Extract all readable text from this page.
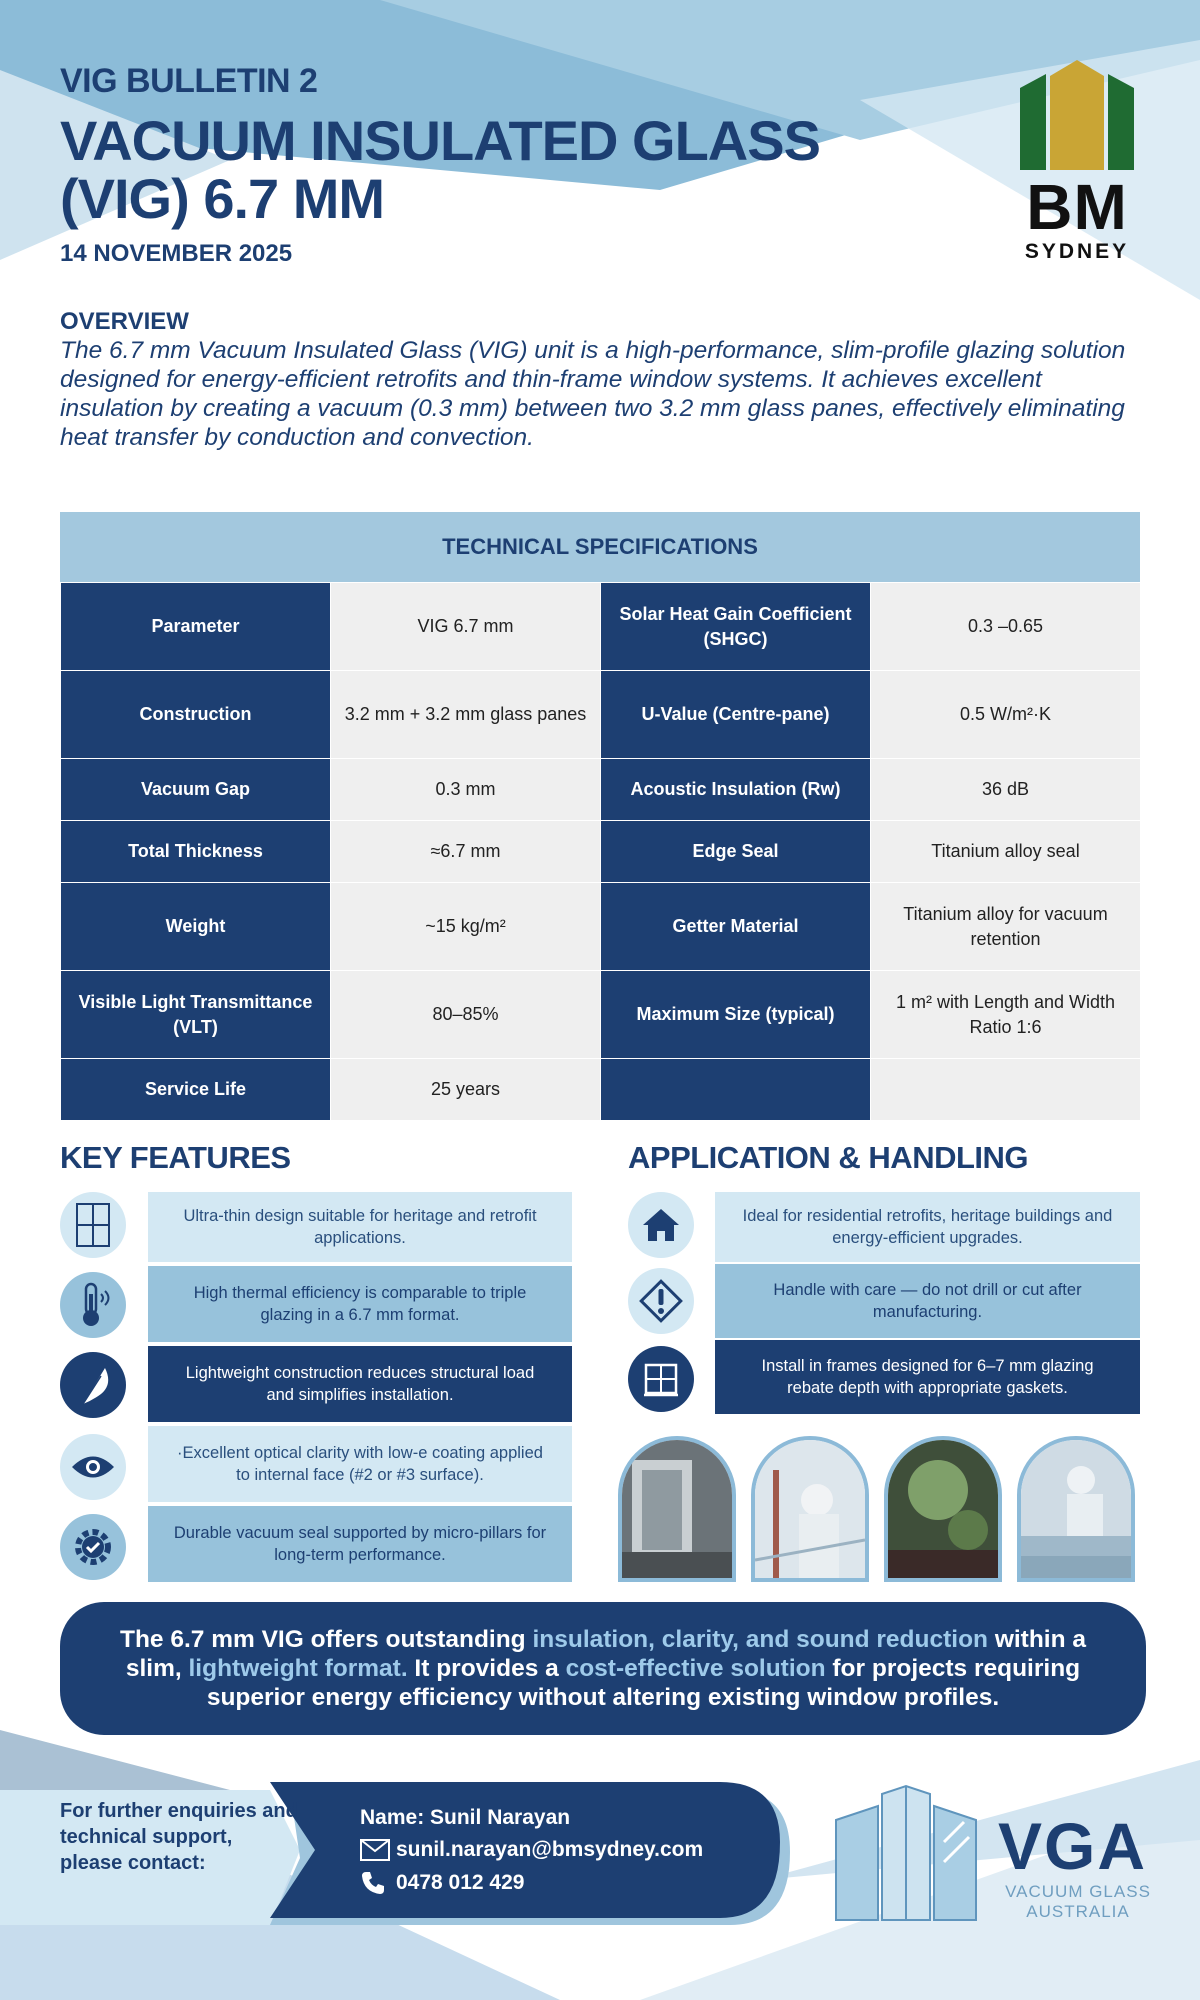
VIG BULLETIN 2
VACUUM INSULATED GLASS
(VIG) 6.7 MM
14 NOVEMBER 2025
BM
SYDNEY
OVERVIEW
The 6.7 mm Vacuum Insulated Glass (VIG) unit is a high-performance, slim-profile glazing solution designed for energy-efficient retrofits and thin-frame window systems. It achieves excellent insulation by creating a vacuum (0.3 mm) between two 3.2 mm glass panes, effectively eliminating heat transfer by conduction and convection.
TECHNICAL SPECIFICATIONS
Parameter	VIG 6.7 mm	Solar Heat Gain Coefficient (SHGC)	0.3 –0.65
Construction	3.2 mm + 3.2 mm glass panes	U-Value (Centre-pane)	0.5 W/m²·K
Vacuum Gap	0.3 mm	Acoustic Insulation (Rw)	36 dB
Total Thickness	≈6.7 mm	Edge Seal	Titanium alloy seal
Weight	~15 kg/m²	Getter Material	Titanium alloy for vacuum retention
Visible Light Transmittance (VLT)	80–85%	Maximum Size (typical)	1 m² with Length and Width Ratio 1:6
Service Life	25 years		
KEY FEATURES
Ultra-thin design suitable for heritage and retrofit applications.
High thermal efficiency is comparable to triple glazing in a 6.7 mm format.
Lightweight construction reduces structural load and simplifies installation.
·Excellent optical clarity with low-e coating applied to internal face (#2 or #3 surface).
Durable vacuum seal supported by micro-pillars for long-term performance.
APPLICATION & HANDLING
Ideal for residential retrofits, heritage buildings and energy-efficient upgrades.
Handle with care — do not drill or cut after manufacturing.
Install in frames designed for 6–7 mm glazing rebate depth with appropriate gaskets.
The 6.7 mm VIG offers outstanding insulation, clarity, and sound reduction within a slim, lightweight format. It provides a cost-effective solution for projects requiring superior energy efficiency without altering existing window profiles.
For further enquiries and technical support, please contact:
Name: Sunil Narayan
sunil.narayan@bmsydney.com
0478 012 429	VGA
VACUUM GLASS
AUSTRALIA
